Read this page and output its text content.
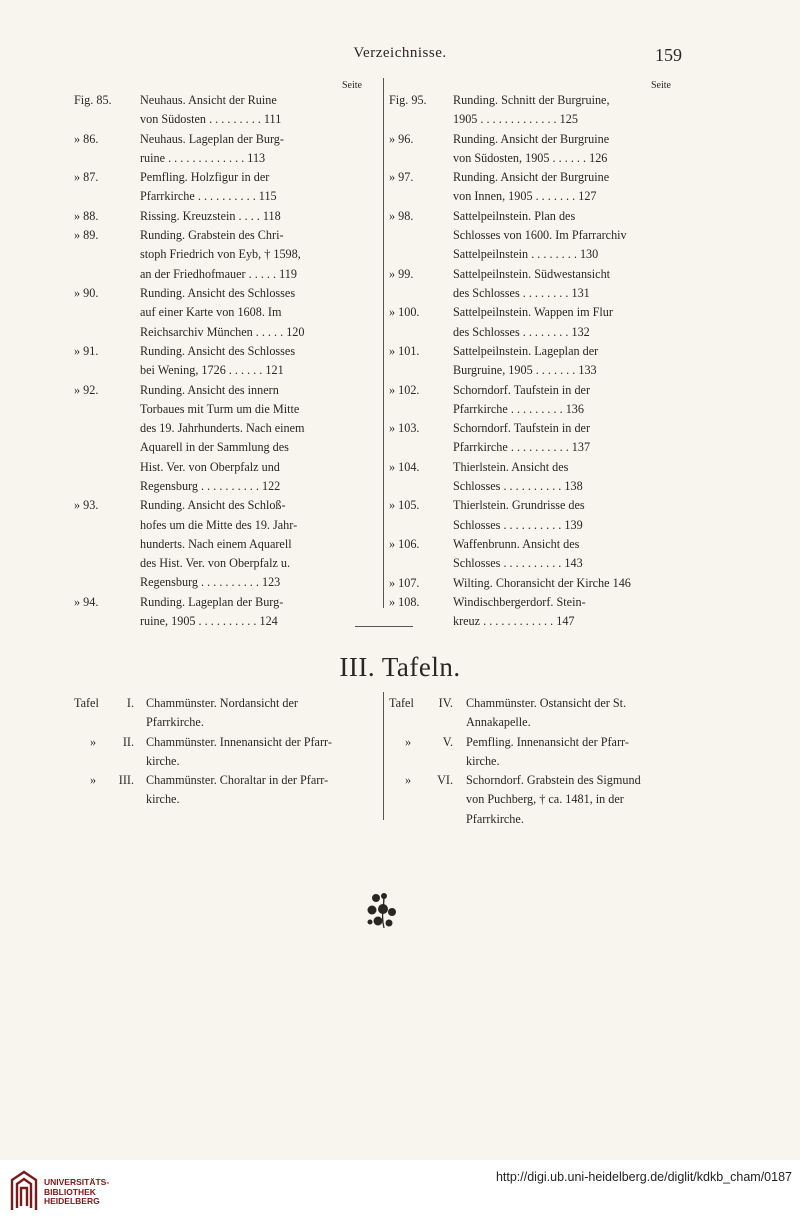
Verzeichnisse.	159
Seite
Fig. 85. Neuhaus. Ansicht der Ruine
von Südosten . . . . . . . . . 111
» 86.	Neuhaus. Lageplan der Burg-
ruine . . . . . . . . . . . . . 113
» 87.	Pemfling. Holzfigur in der
Pfarrkirche . . . . . . . . . . 115
» 88.	Rissing. Kreuzstein . . . . 118
» 89.	Runding. Grabstein des Chri-
stoph Friedrich von Eyb, † 1598,
an der Friedhofmauer . . . . . 119
» 90.	Runding. Ansicht des Schlosses
auf einer Karte von 1608. Im
Reichsarchiv München . . . . . 120
» 91.	Runding. Ansicht des Schlosses
bei Wening, 1726 . . . . . . 121
» 92.	Runding. Ansicht des innern
Torbaues mit Turm um die Mitte
des 19. Jahrhunderts. Nach einem
Aquarell in der Sammlung des
Hist. Ver. von Oberpfalz und
Regensburg . . . . . . . . . . 122
» 93.	Runding. Ansicht des Schloß-
hofes um die Mitte des 19. Jahr-
hunderts. Nach einem Aquarell
des Hist. Ver. von Oberpfalz u.
Regensburg . . . . . . . . . . 123
» 94.	Runding. Lageplan der Burg-
ruine, 1905 . . . . . . . . . . 124
Seite
Fig. 95. Runding. Schnitt der Burgruine,
1905 . . . . . . . . . . . . . 125
» 96.	Runding. Ansicht der Burgruine
von Südosten, 1905 . . . . . . 126
» 97.	Runding. Ansicht der Burgruine
von Innen, 1905 . . . . . . . 127
» 98.	Sattelpeilnstein. Plan des
Schlosses von 1600. Im Pfarrarchiv
Sattelpeilnstein . . . . . . . . 130
» 99.	Sattelpeilnstein. Südwestansicht
des Schlosses . . . . . . . . 131
» 100.	Sattelpeilnstein. Wappen im Flur
des Schlosses . . . . . . . . 132
» 101.	Sattelpeilnstein. Lageplan der
Burgruine, 1905 . . . . . . . 133
» 102.	Schorndorf. Taufstein in der
Pfarrkirche . . . . . . . . . 136
» 103.	Schorndorf. Taufstein in der
Pfarrkirche . . . . . . . . . . 137
» 104.	Thierlstein. Ansicht des
Schlosses . . . . . . . . . . 138
» 105.	Thierlstein. Grundrisse des
Schlosses . . . . . . . . . . 139
» 106.	Waffenbrunn. Ansicht des
Schlosses . . . . . . . . . . 143
» 107.	Wilting. Choransicht der Kirche 146
» 108.	Windischbergerdorf. Stein-
kreuz . . . . . . . . . . . . 147
III. Tafeln.
Tafel	I. Chammünster. Nordansicht der
Pfarrkirche.
»	II. Chammünster. Innenansicht der Pfarr-
kirche.
»	III. Chammünster. Choraltar in der Pfarr-
kirche.
Tafel	IV. Chammünster. Ostansicht der St.
Annakapelle.
»	V. Pemfling. Innenansicht der Pfarr-
kirche.
»	VI. Schorndorf. Grabstein des Sigmund
von Puchberg, † ca. 1481, in der
Pfarrkirche.
UNIVERSITÄTS-
BIBLIOTHEK
HEIDELBERG
http://digi.ub.uni-heidelberg.de/diglit/kdkb_cham/0187
